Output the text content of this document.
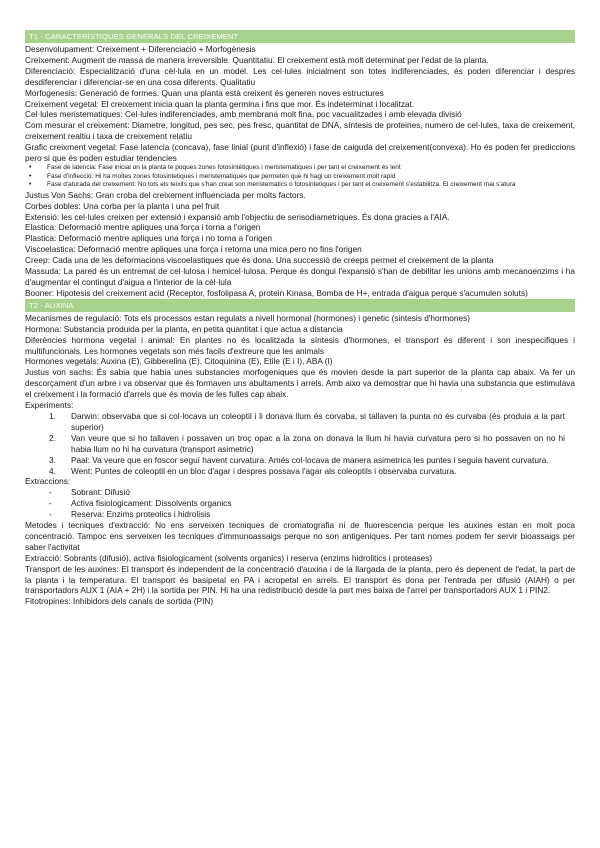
T1 - CARACTERÍSTIQUES GENERALS DEL CREIXEMENT

Desenvolupament: Creixement + Diferenciació + Morfogènesis

Creixement: Augment de massa de manera irreversible. Quantitatiu. El creixement està molt determinat per l'edat de la planta.

Diferenciació: Especialització d'una cèl·lula en un model. Les cel·lules inicialment son totes indiferenciades, és poden diferenciar i despres desdiferenciar i diferenciar-se en una cosa diferents. Qualitatiu

Morfogenesis: Generació de formes. Quan una planta està creixent és generen noves estructures

Creixement vegetal: El creixement inicia quan la planta germina i fins que mor. És indeterminat i localitzat.

Cel·lules meristematiques: Cel·lules indiferenciades, amb membrana molt fina, poc vacualitzades i amb elevada divisió

Com mesurar el creixement: Diametre, longitud, pes sec, pes fresc, quantitat de DNA, síntesis de proteines, numero de cel·lules, taxa de creixement, creixement realtiu i taxa de creixement relatiu

Grafic creixment vegetal: Fase latencia (concava), fase linial (punt d'inflexió) i fase de caiguda del creixement(convexa). Ho és poden fer prediccions pero si que és poden estudiar tendencies

• Fase de latencia: Fase inicial on la planta te poques zones fotosintètiques i meristematiques i per tant el creixement és lent

• Fase d'inflecció: Hi ha moltes zones fotosintetiques i meristematiques que permeten que hi hagi un creixement molt rapid

• Fase d'aturada del creixement: No tots els teixits que s'han creat son meristematics o fotosintetiques i per tant el creixement s'estabilitza. El creixement mai s'atura

Justus Von Sachs: Gran croba del creixement influenciada per molts factors.

Corbes dobles: Una corba per la planta i una pel fruit

Extensió: les cel·lules creixen per extensió i expansió amb l'objectiu de serisodiametriques. És dona gracies a l'AIA.

Elastica: Deformació mentre apliques una força i torna a l'origen

Plastica: Deformació mentre apliques una força i no torna a l'origen

Viscoelastica: Deformació mentre apliques una força i retorna una mica pero no fins l'origen

Creep: Cada una de les deformacions viscoelastiques que és dona. Una successió de creeps permet el creixement de la planta

Massuda: La pared és un entremat de cel·lulosa i hemicel·lulosa. Perque és dongui l'expansió s'han de debilitar les unions amb mecanoenzims i ha d'augmentar el contingut d'aigua a l'interior de la cèl·lula

Booner: Hipotesis del creixement acid (Receptor, fosfolipasa A, protein Kinasa, Bomba de H+, entrada d'aigua perque s'acumulen soluts)

T2 - AUXINA

Mecanismes de regulació: Tots els processos estan regulats a nivell hormonal (hormones) i genetic (sintesis d'hormones)

Hormona: Substancia produida per la planta, en petita quantitat i que actua a distancia

Diferències hormona vegetal i animal: En plantes no és localitzada la síntesis d'hormones, el transport és diferent i son inespecifiques i multifuncionals. Les hormones vegetals son més facils d'extreure que les animals

Hormones vegetals: Auxina (E), Gibberelina (E), Citoquinina (E), Etile (E i I), ABA (I)

Justus von sachs: És sabia que habia unes substancies morfogeniques que és movien desde la part superior de la planta cap abaix. Va fer un descorçament d'un arbre i va observar que és formaven uns abultaments i arrels. Amb aixo va demostrar que hi havia una substancia que estimulava el creixement i la formació d'arrels que és movia de les fulles cap abaix.

Experiments:

1. Darwin: observaba que si col·locava un coleoptil i li donava llum és corvaba, si tallaven la punta no és curvaba (és produia a la part superior)
2. Van veure que si ho tallaven i possaven un troç opac a la zona on donava la llum hi havia curvatura pero si ho possaven on no hi habia llum no hi ha curvatura (transport asimetric)
3. Paal: Va veure que en foscor seguí havent curvatura. Amés col·locava de manera asimetrica les puntes i seguia havent curvatura.
4. Went: Puntes de coleoptil en un bloc d'agar i despres possava l'agar als coleoptils i observaba curvatura.

Extraccions:

- Sobrant: Difusió
- Activa fisiologicament: Dissolvents organics
- Reserva: Enzims proteolics i hidrolisis

Metodes i tecniques d'extracció: No ens serveixen tecniques de cromatografia ni de fluorescencia perque les auxines estan en molt poca concentració. Tampoc ens serveixen les tecniques d'immunoassaigs perque no son antigeniques. Per tant nomes podem fer servir bioassaigs per saber l'activitat

Extracció: Sobrants (difusió), activa fisiologicament (solvents organics) i reserva (enzims hidrolitics i proteases)

Transport de les auxines: El transport és independent de la concentració d'auxina i de la llargada de la planta, pero és depenent de l'edat, la part de la planta i la temperatura. El transport és basipetal en PA i acropetal en arrels. El transport és dona per l'entrada per difusió (AIAH) o per transportadors AUX 1 (AIA + 2H) i la sortida per PIN. Hi ha una redistribució desde la part mes baixa de l'arrel per transportadors AUX 1 i PIN2.

Fitotropines: Inhibidors dels canals de sortida (PIN)
